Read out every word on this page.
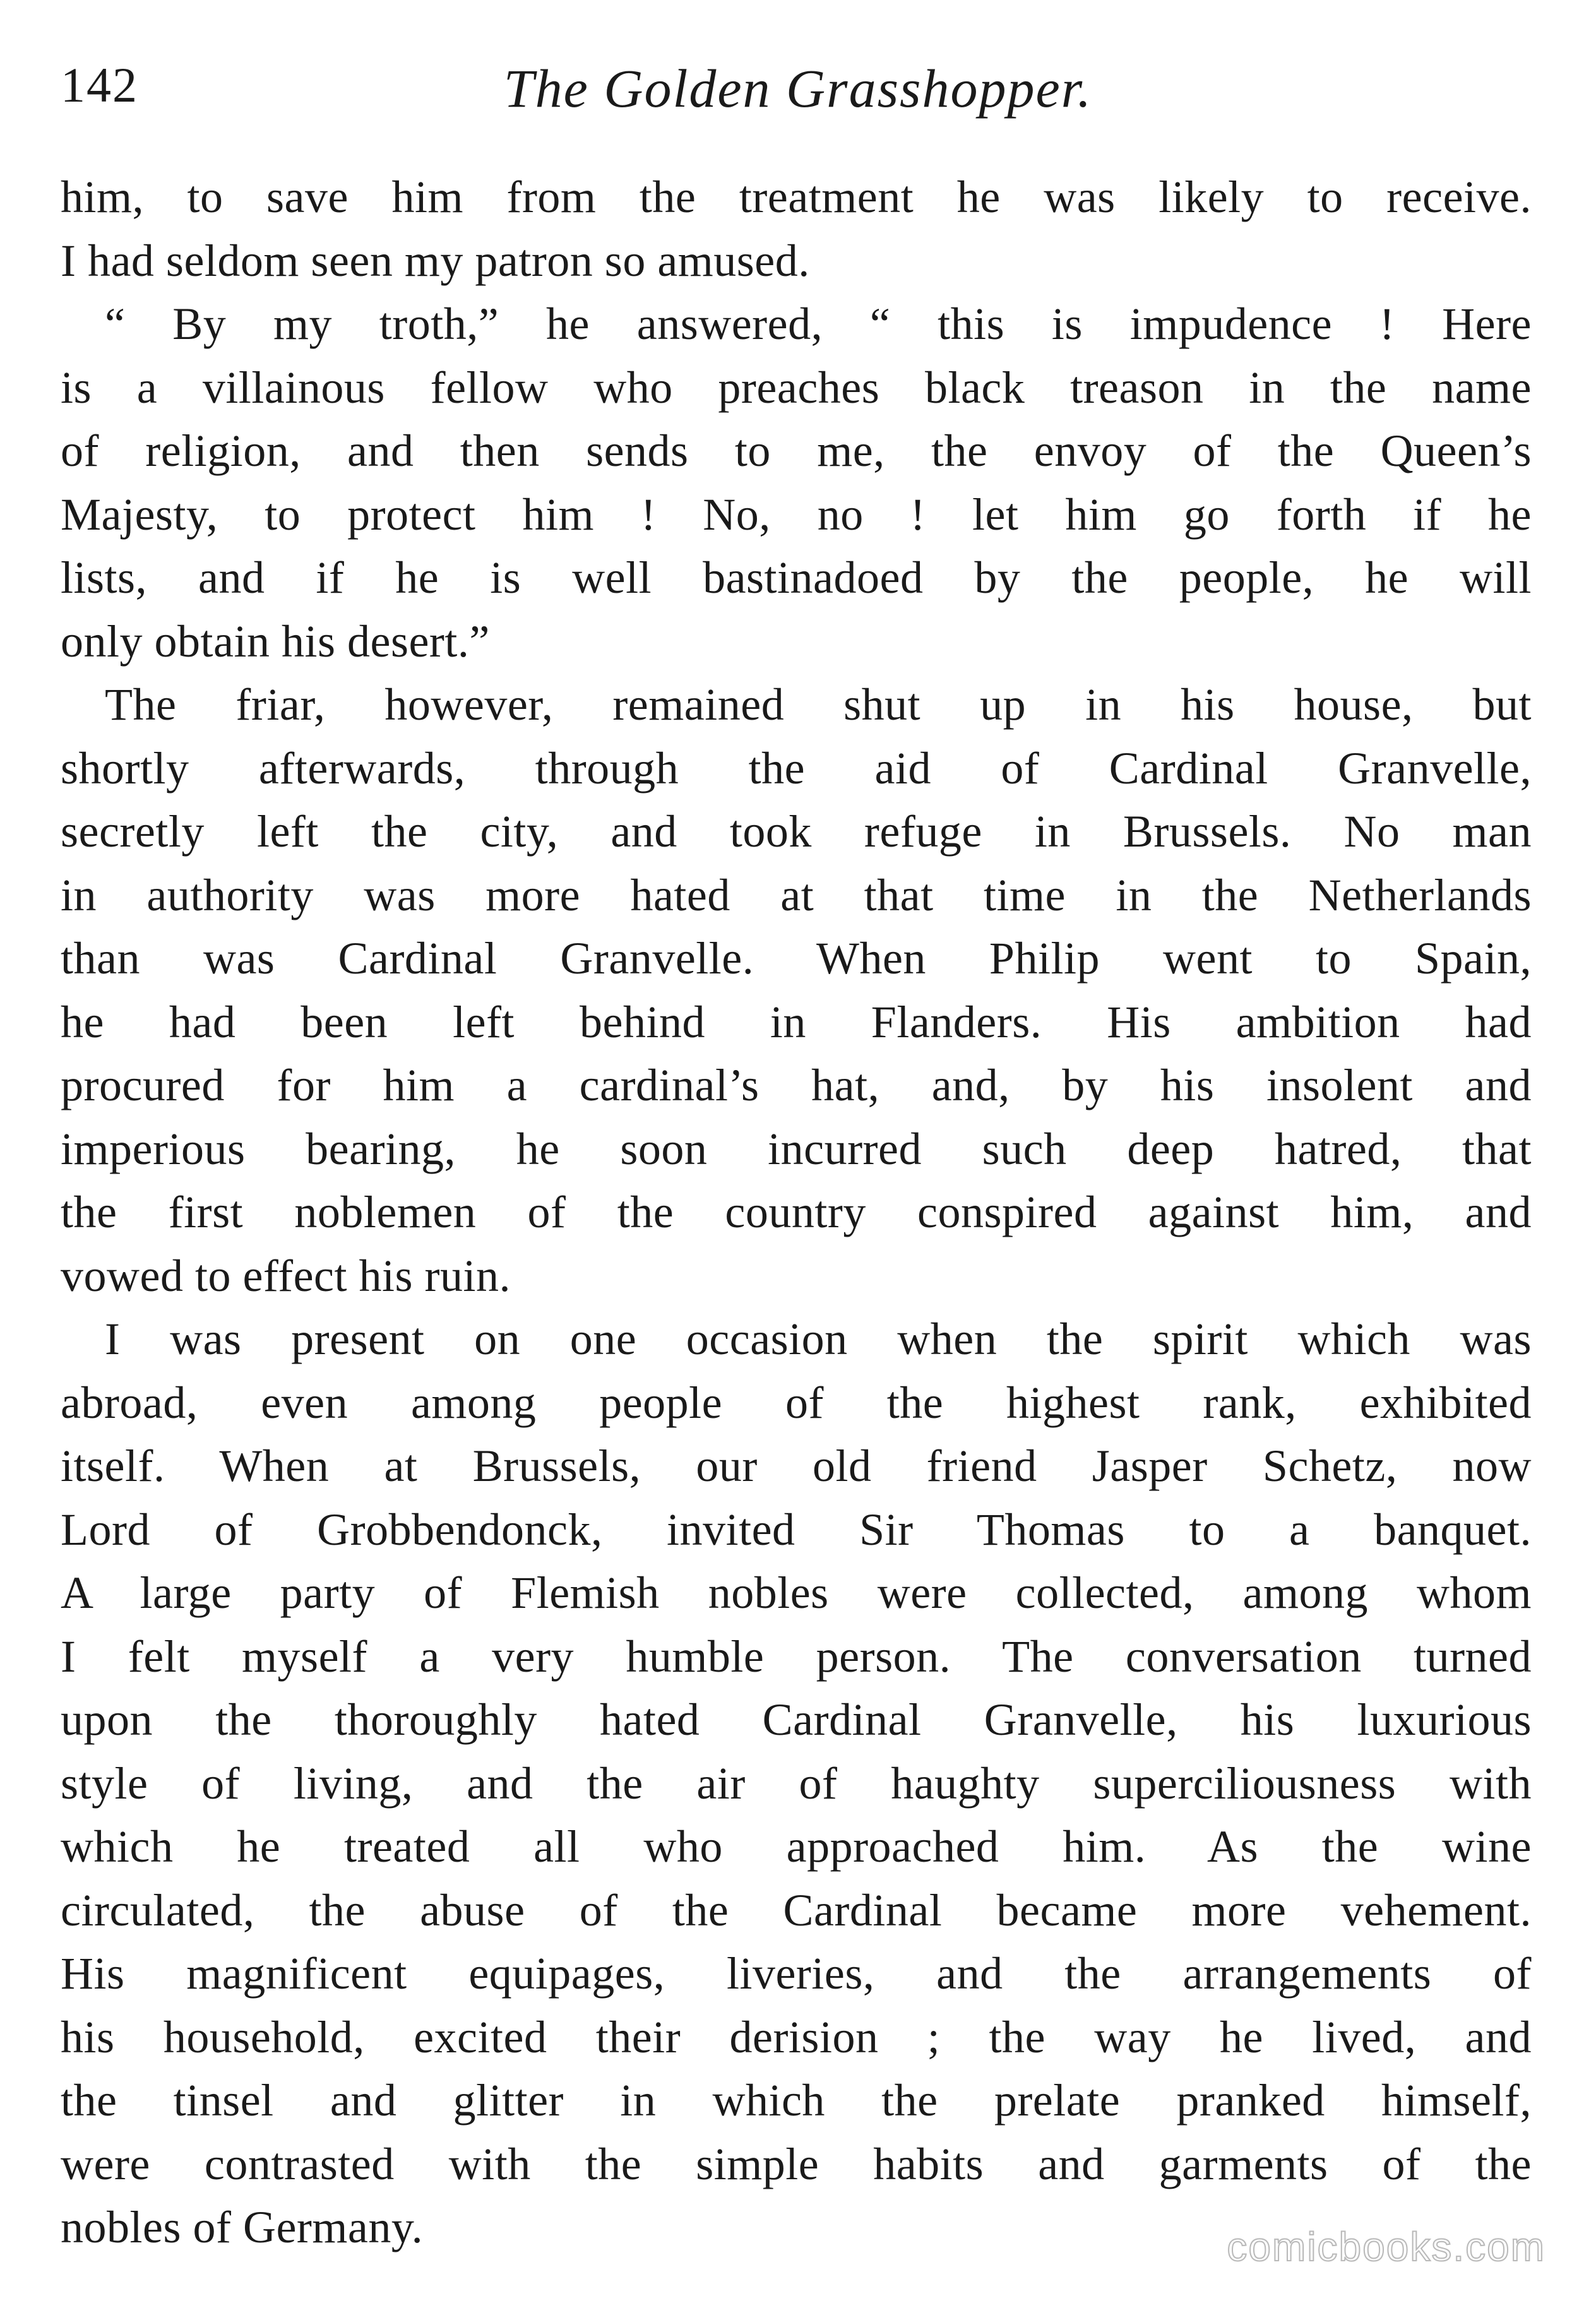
142	The Golden Grasshopper.
him, to save him from the treatment he was likely to receive.
I had seldom seen my patron so amused.
“ By my troth,” he answered, “ this is impudence ! Here
is a villainous fellow who preaches black treason in the name
of religion, and then sends to me, the envoy of the Queen’s
Majesty, to protect him ! No, no ! let him go forth if he
lists, and if he is well bastinadoed by the people, he will
only obtain his desert.”
The friar, however, remained shut up in his house, but
shortly afterwards, through the aid of Cardinal Granvelle,
secretly left the city, and took refuge in Brussels. No man
in authority was more hated at that time in the Netherlands
than was Cardinal Granvelle. When Philip went to Spain,
he had been left behind in Flanders. His ambition had
procured for him a cardinal’s hat, and, by his insolent and
imperious bearing, he soon incurred such deep hatred, that
the first noblemen of the country conspired against him, and
vowed to effect his ruin.
I was present on one occasion when the spirit which was
abroad, even among people of the highest rank, exhibited
itself. When at Brussels, our old friend Jasper Schetz, now
Lord of Grobbendonck, invited Sir Thomas to a banquet.
A large party of Flemish nobles were collected, among whom
I felt myself a very humble person. The conversation turned
upon the thoroughly hated Cardinal Granvelle, his luxurious
style of living, and the air of haughty superciliousness with
which he treated all who approached him. As the wine
circulated, the abuse of the Cardinal became more vehement.
His magnificent equipages, liveries, and the arrangements of
his household, excited their derision ; the way he lived, and
the tinsel and glitter in which the prelate pranked himself,
were contrasted with the simple habits and garments of the
nobles of Germany.	comicbooks.com
